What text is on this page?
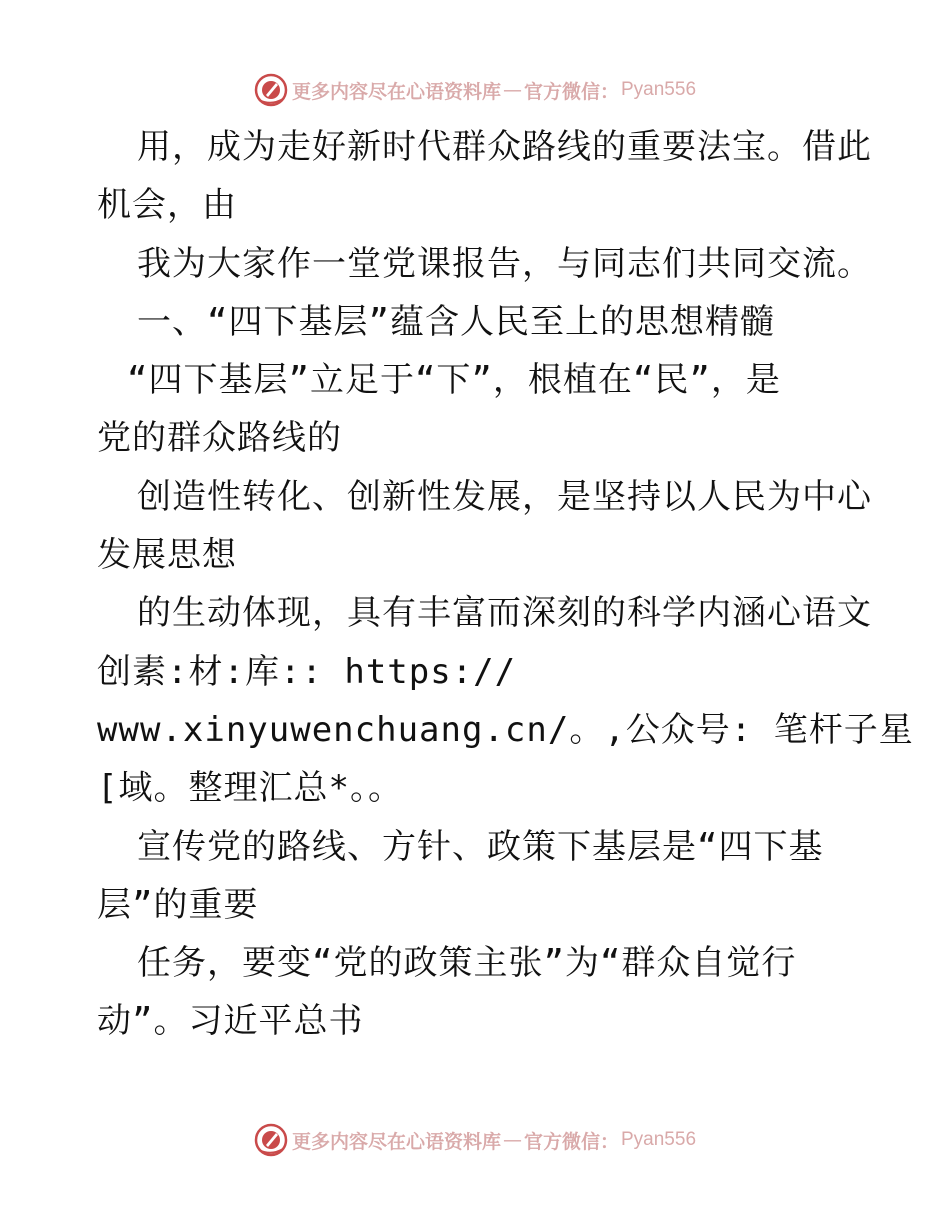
更多内容尽在心语资料库 — 官方微信： Pyan556
用，成为走好新时代群众路线的重要法宝。借此
机会，由
我为大家作一堂党课报告，与同志们共同交流。
一、“四下基层”蕴含人民至上的思想精髓
“四下基层”立足于“下”，根植在“民”，是
党的群众路线的
创造性转化、创新性发展，是坚持以人民为中心
发展思想
的生动体现，具有丰富而深刻的科学内涵心语文
创素:材:库:: https://
www.xinyuwenchuang.cn/。,公众号: 笔杆子星
[域。整理汇总*。。
宣传党的路线、方针、政策下基层是“四下基
层”的重要
任务，要变“党的政策主张”为“群众自觉行
动”。习近平总书
更多内容尽在心语资料库 — 官方微信： Pyan556
